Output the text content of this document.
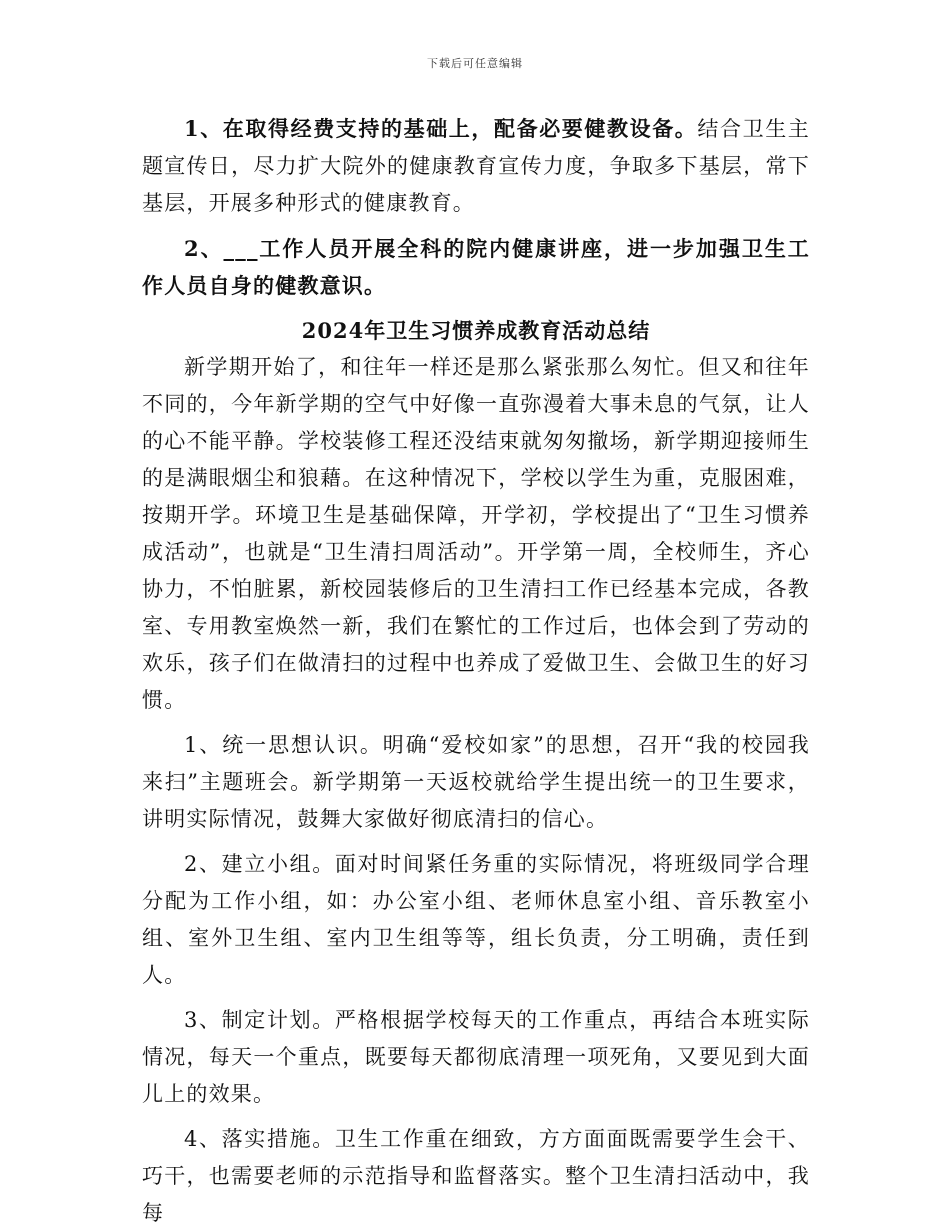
下载后可任意编辑

1、在取得经费支持的基础上，配备必要健教设备。结合卫生主题宣传日，尽力扩大院外的健康教育宣传力度，争取多下基层，常下基层，开展多种形式的健康教育。

2、___工作人员开展全科的院内健康讲座，进一步加强卫生工作人员自身的健教意识。

2024年卫生习惯养成教育活动总结

新学期开始了，和往年一样还是那么紧张那么匆忙。但又和往年不同的，今年新学期的空气中好像一直弥漫着大事未息的气氛，让人的心不能平静。学校装修工程还没结束就匆匆撤场，新学期迎接师生的是满眼烟尘和狼藉。在这种情况下，学校以学生为重，克服困难，按期开学。环境卫生是基础保障，开学初，学校提出了“卫生习惯养成活动”，也就是“卫生清扫周活动”。开学第一周，全校师生，齐心协力，不怕脏累，新校园装修后的卫生清扫工作已经基本完成，各教室、专用教室焕然一新，我们在繁忙的工作过后，也体会到了劳动的欢乐，孩子们在做清扫的过程中也养成了爱做卫生、会做卫生的好习惯。

1、统一思想认识。明确“爱校如家”的思想，召开“我的校园我来扫”主题班会。新学期第一天返校就给学生提出统一的卫生要求，讲明实际情况，鼓舞大家做好彻底清扫的信心。

2、建立小组。面对时间紧任务重的实际情况，将班级同学合理分配为工作小组，如：办公室小组、老师休息室小组、音乐教室小组、室外卫生组、室内卫生组等等，组长负责，分工明确，责任到人。

3、制定计划。严格根据学校每天的工作重点，再结合本班实际情况，每天一个重点，既要每天都彻底清理一项死角，又要见到大面儿上的效果。

4、落实措施。卫生工作重在细致，方方面面既需要学生会干、巧干，也需要老师的示范指导和监督落实。整个卫生清扫活动中，我每
